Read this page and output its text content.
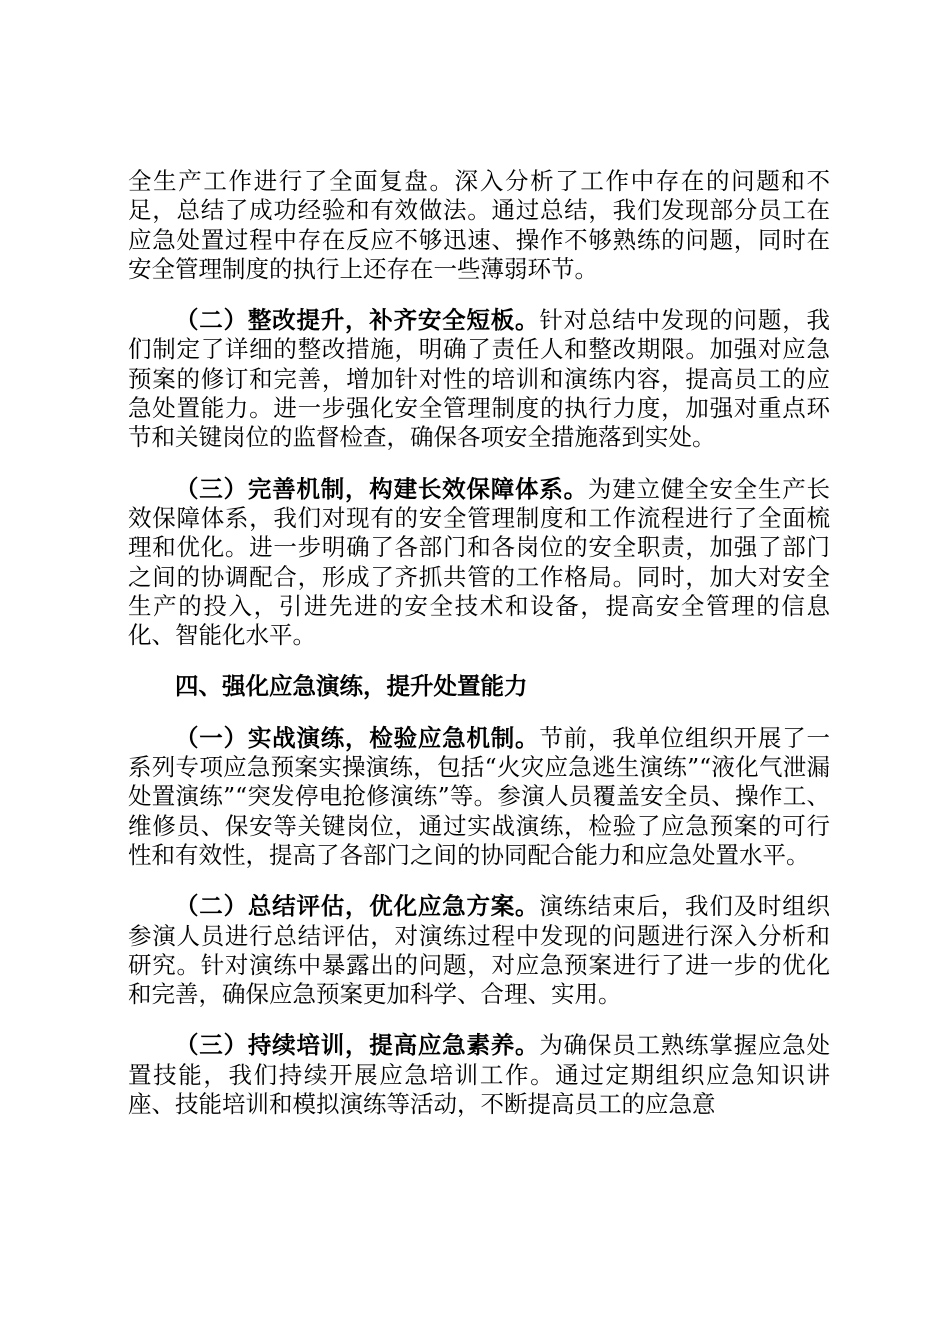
全生产工作进行了全面复盘。深入分析了工作中存在的问题和不足，总结了成功经验和有效做法。通过总结，我们发现部分员工在应急处置过程中存在反应不够迅速、操作不够熟练的问题，同时在安全管理制度的执行上还存在一些薄弱环节。

（二）整改提升，补齐安全短板。针对总结中发现的问题，我们制定了详细的整改措施，明确了责任人和整改期限。加强对应急预案的修订和完善，增加针对性的培训和演练内容，提高员工的应急处置能力。进一步强化安全管理制度的执行力度，加强对重点环节和关键岗位的监督检查，确保各项安全措施落到实处。

（三）完善机制，构建长效保障体系。为建立健全安全生产长效保障体系，我们对现有的安全管理制度和工作流程进行了全面梳理和优化。进一步明确了各部门和各岗位的安全职责，加强了部门之间的协调配合，形成了齐抓共管的工作格局。同时，加大对安全生产的投入，引进先进的安全技术和设备，提高安全管理的信息化、智能化水平。

四、强化应急演练，提升处置能力

（一）实战演练，检验应急机制。节前，我单位组织开展了一系列专项应急预案实操演练，包括“火灾应急逃生演练”“液化气泄漏处置演练”“突发停电抢修演练”等。参演人员覆盖安全员、操作工、维修员、保安等关键岗位，通过实战演练，检验了应急预案的可行性和有效性，提高了各部门之间的协同配合能力和应急处置水平。

（二）总结评估，优化应急方案。演练结束后，我们及时组织参演人员进行总结评估，对演练过程中发现的问题进行深入分析和研究。针对演练中暴露出的问题，对应急预案进行了进一步的优化和完善，确保应急预案更加科学、合理、实用。

（三）持续培训，提高应急素养。为确保员工熟练掌握应急处置技能，我们持续开展应急培训工作。通过定期组织应急知识讲座、技能培训和模拟演练等活动，不断提高员工的应急意
